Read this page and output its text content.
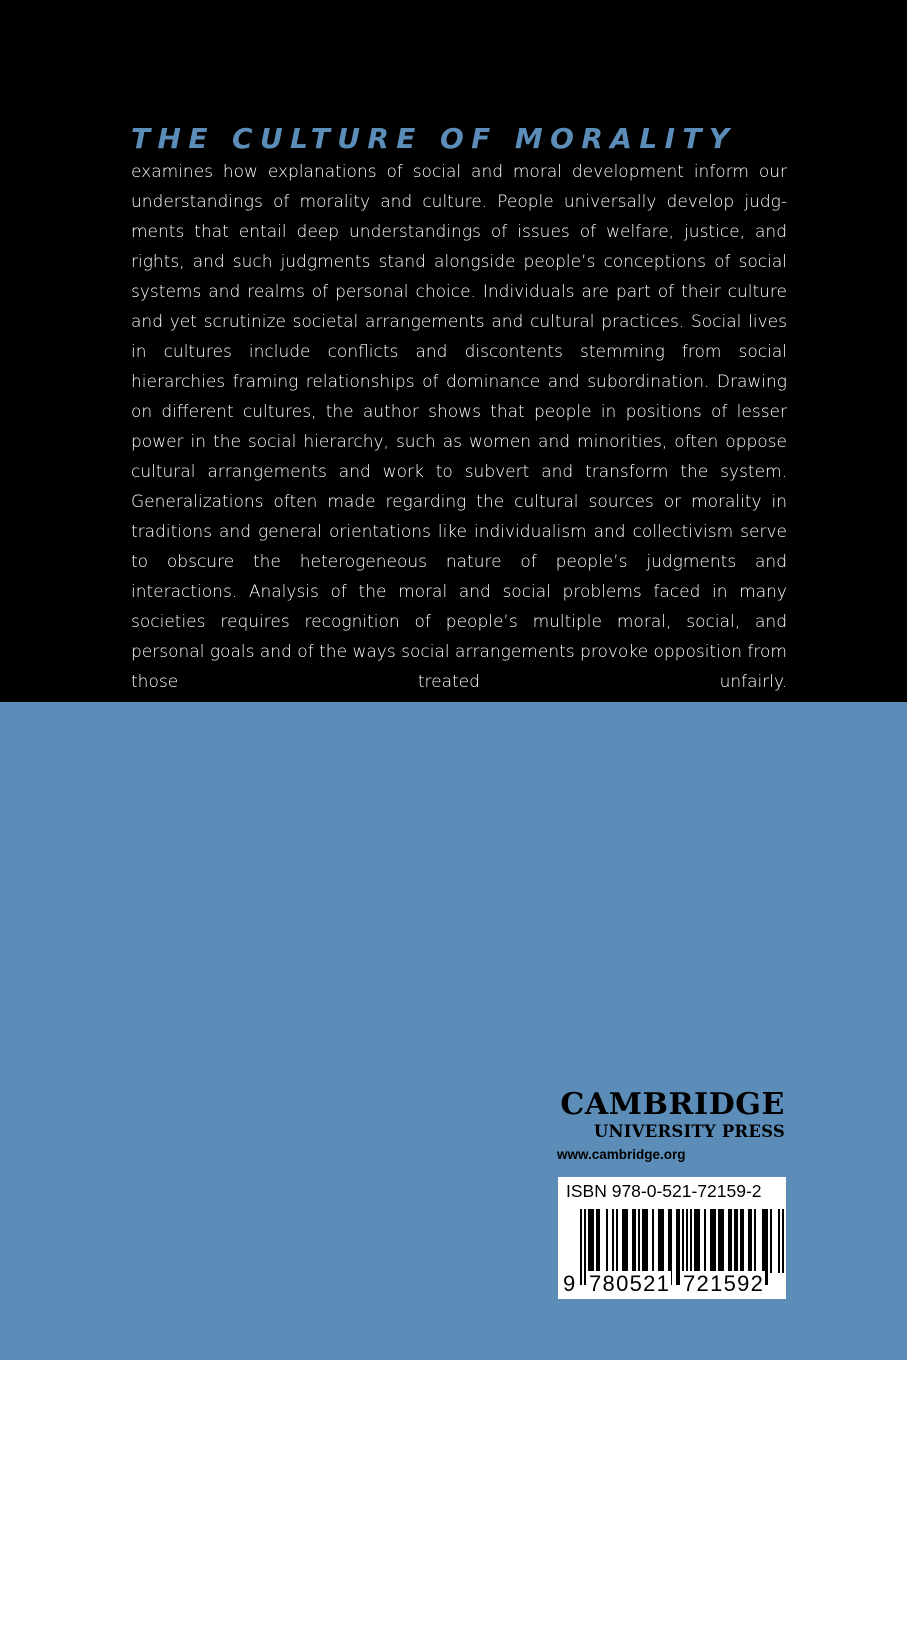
THE CULTURE OF MORALITY

examines how explanations of social and moral development inform our understandings of morality and culture. People universally develop judgments that entail deep understandings of issues of welfare, justice, and rights, and such judgments stand alongside people’s conceptions of social systems and realms of personal choice. Individuals are part of their culture and yet scrutinize societal arrangements and cultural practices. Social lives in cultures include conflicts and discontents stemming from social hierarchies framing relationships of dominance and subordination. Drawing on different cultures, the author shows that people in positions of lesser power in the social hierarchy, such as women and minorities, often oppose cultural arrangements and work to subvert and transform the system. Generalizations often made regarding the cultural sources or morality in traditions and general orientations like individualism and collectivism serve to obscure the heterogeneous nature of people’s judgments and interactions. Analysis of the moral and social problems faced in many societies requires recognition of people’s multiple moral, social, and personal goals and of the ways social arrangements provoke opposition from those treated unfairly.

ELLIOT TURIEL is Chancellor’s Professor of the School of Education in the Department of Psychology at the University of California, Berkeley. He served as Associate Dean for Academic Affairs (1994–1999) and Acting Dean of the Graduate School of Education. He is author of The Development of Social Knowledge: Morality and Convention (Cambridge) and editor or co-editor of Values and Knowledge, Development and Cultural Exchange, and Culture,Thought and Development.

CAMBRIDGE
UNIVERSITY PRESS
www.cambridge.org
ISBN 978-0-521-72159-2
9 780521 721592
